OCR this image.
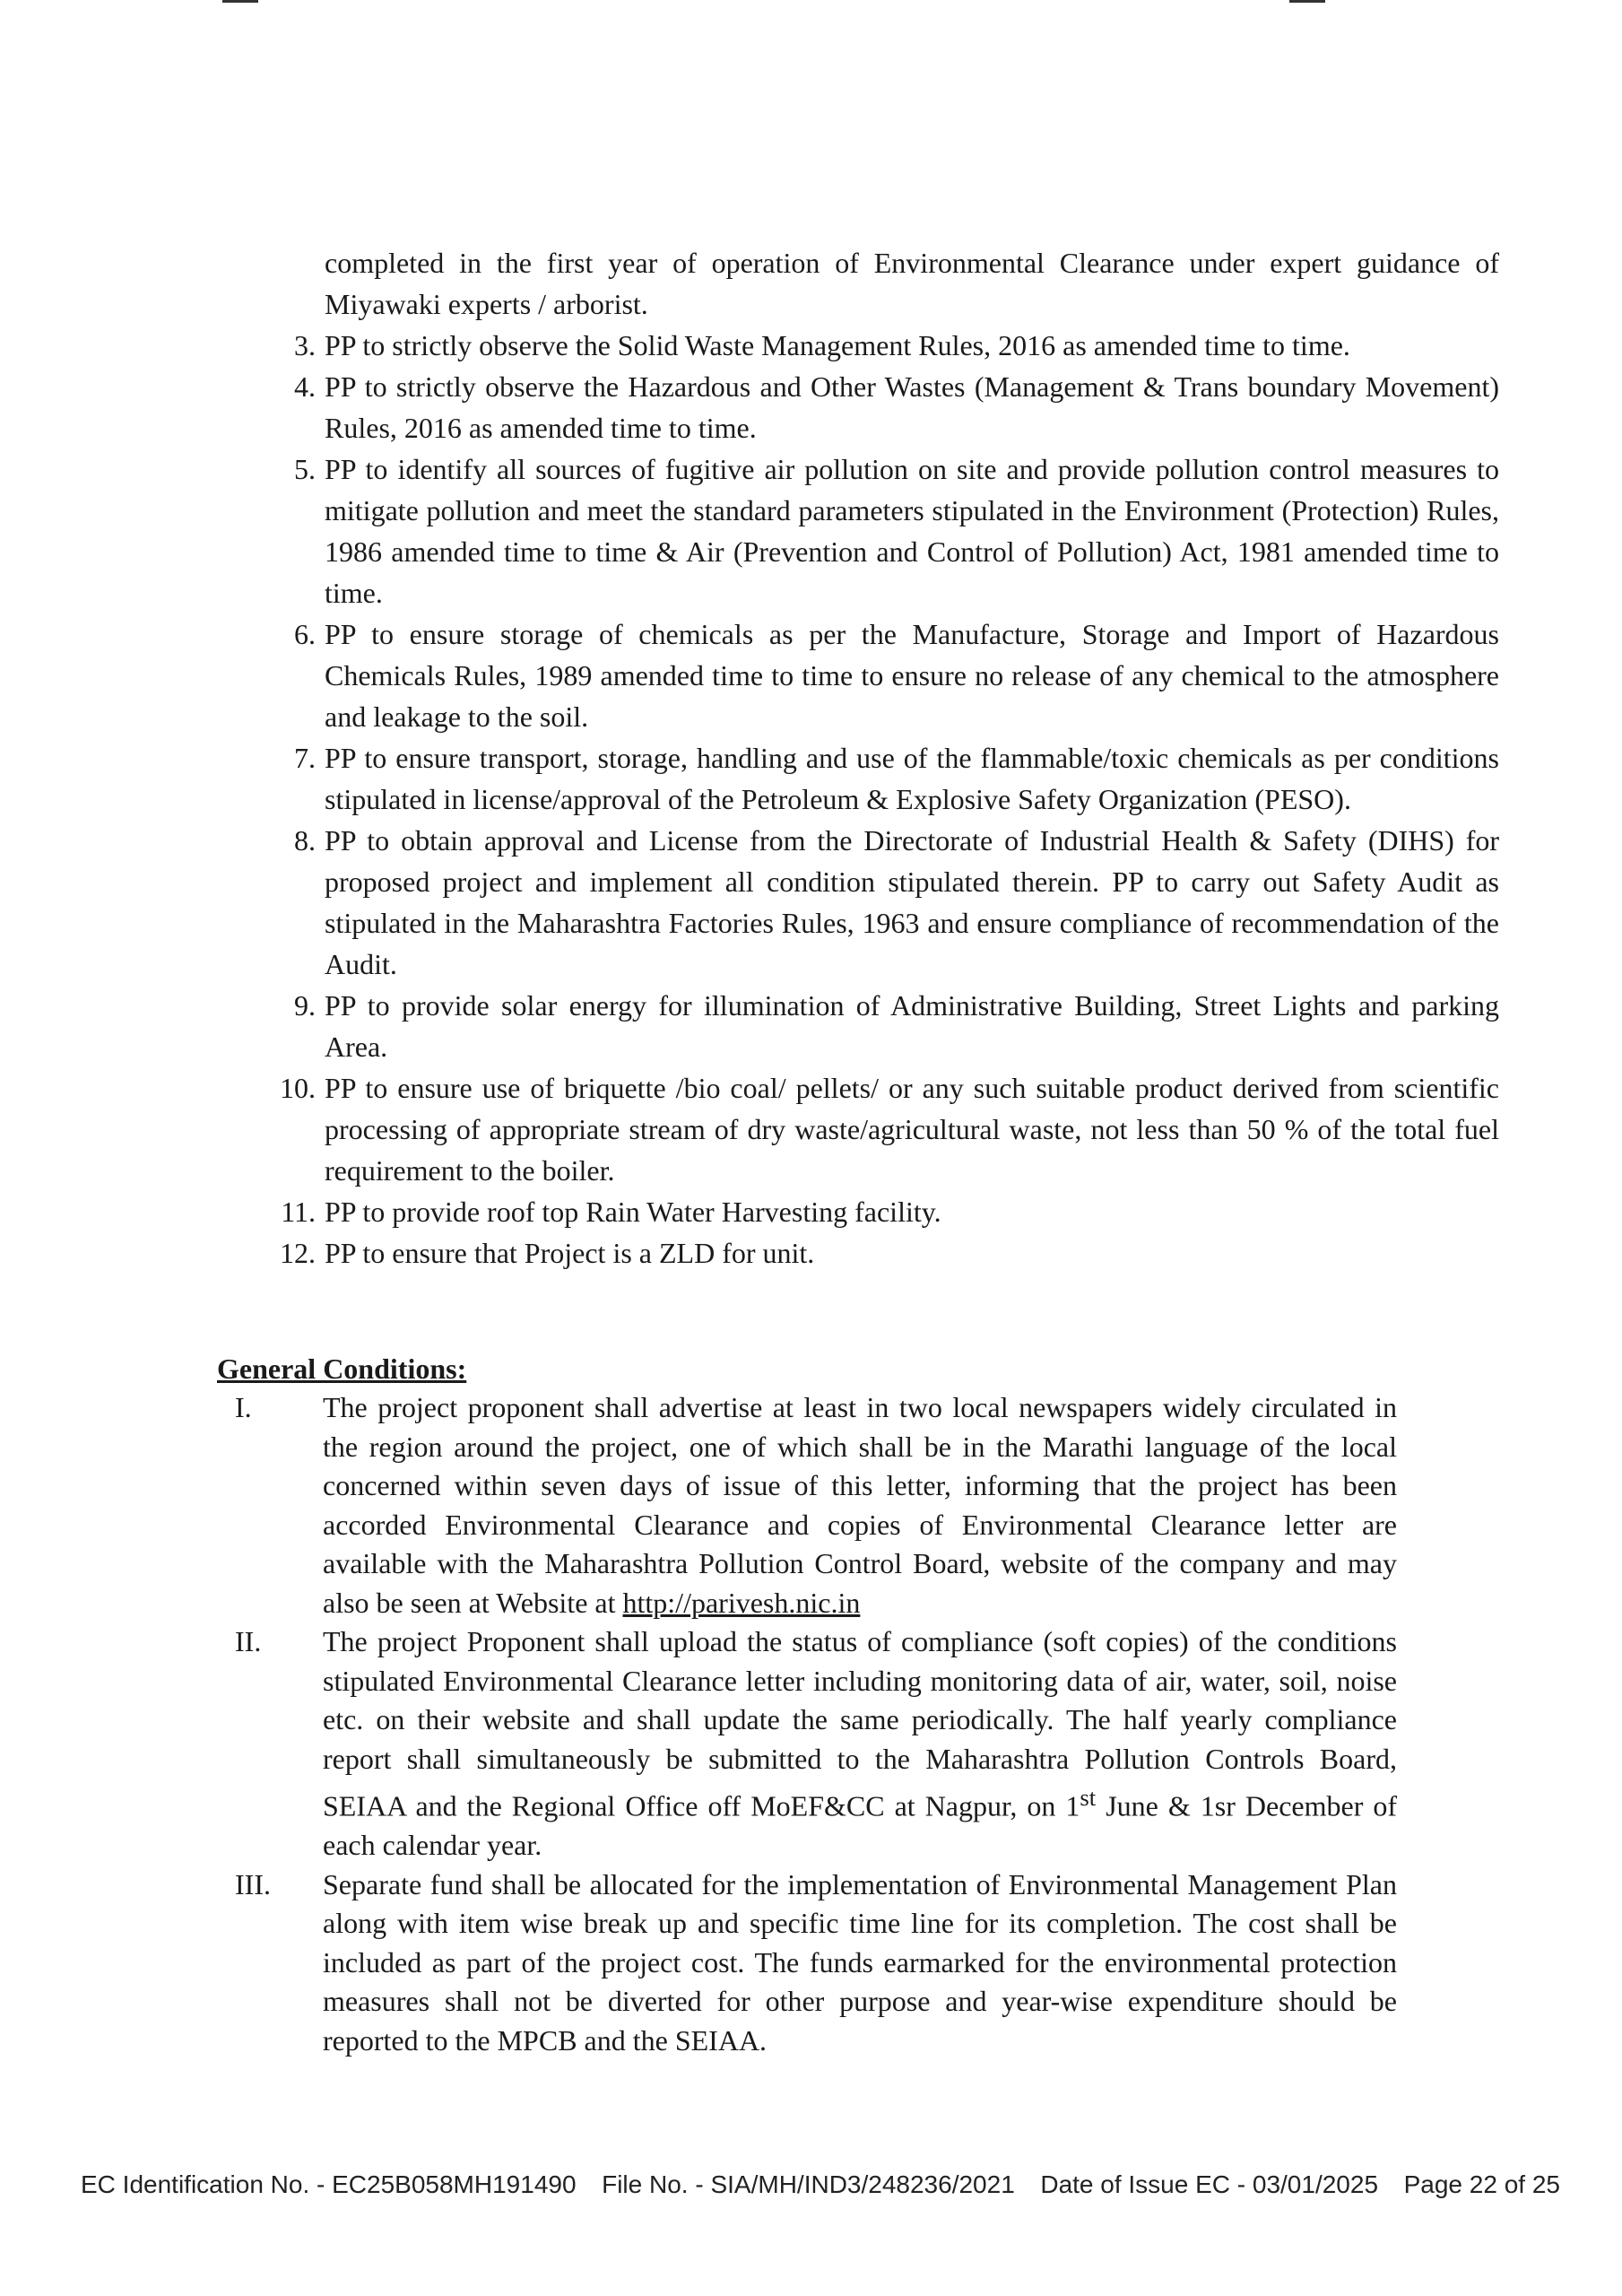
completed in the first year of operation of Environmental Clearance under expert guidance of Miyawaki experts / arborist.
3. PP to strictly observe the Solid Waste Management Rules, 2016 as amended time to time.
4. PP to strictly observe the Hazardous and Other Wastes (Management & Trans boundary Movement) Rules, 2016 as amended time to time.
5. PP to identify all sources of fugitive air pollution on site and provide pollution control measures to mitigate pollution and meet the standard parameters stipulated in the Environment (Protection) Rules, 1986 amended time to time & Air (Prevention and Control of Pollution) Act, 1981 amended time to time.
6. PP to ensure storage of chemicals as per the Manufacture, Storage and Import of Hazardous Chemicals Rules, 1989 amended time to time to ensure no release of any chemical to the atmosphere and leakage to the soil.
7. PP to ensure transport, storage, handling and use of the flammable/toxic chemicals as per conditions stipulated in license/approval of the Petroleum & Explosive Safety Organization (PESO).
8. PP to obtain approval and License from the Directorate of Industrial Health & Safety (DIHS) for proposed project and implement all condition stipulated therein. PP to carry out Safety Audit as stipulated in the Maharashtra Factories Rules, 1963 and ensure compliance of recommendation of the Audit.
9. PP to provide solar energy for illumination of Administrative Building, Street Lights and parking Area.
10. PP to ensure use of briquette /bio coal/ pellets/ or any such suitable product derived from scientific processing of appropriate stream of dry waste/agricultural waste, not less than 50 % of the total fuel requirement to the boiler.
11. PP to provide roof top Rain Water Harvesting facility.
12. PP to ensure that Project is a ZLD for unit.
General Conditions:
I. The project proponent shall advertise at least in two local newspapers widely circulated in the region around the project, one of which shall be in the Marathi language of the local concerned within seven days of issue of this letter, informing that the project has been accorded Environmental Clearance and copies of Environmental Clearance letter are available with the Maharashtra Pollution Control Board, website of the company and may also be seen at Website at http://parivesh.nic.in
II. The project Proponent shall upload the status of compliance (soft copies) of the conditions stipulated Environmental Clearance letter including monitoring data of air, water, soil, noise etc. on their website and shall update the same periodically. The half yearly compliance report shall simultaneously be submitted to the Maharashtra Pollution Controls Board, SEIAA and the Regional Office off MoEF&CC at Nagpur, on 1st June & 1sr December of each calendar year.
III. Separate fund shall be allocated for the implementation of Environmental Management Plan along with item wise break up and specific time line for its completion. The cost shall be included as part of the project cost. The funds earmarked for the environmental protection measures shall not be diverted for other purpose and year-wise expenditure should be reported to the MPCB and the SEIAA.
EC Identification No. - EC25B058MH191490 File No. - SIA/MH/IND3/248236/2021 Date of Issue EC - 03/01/2025 Page 22 of 25
